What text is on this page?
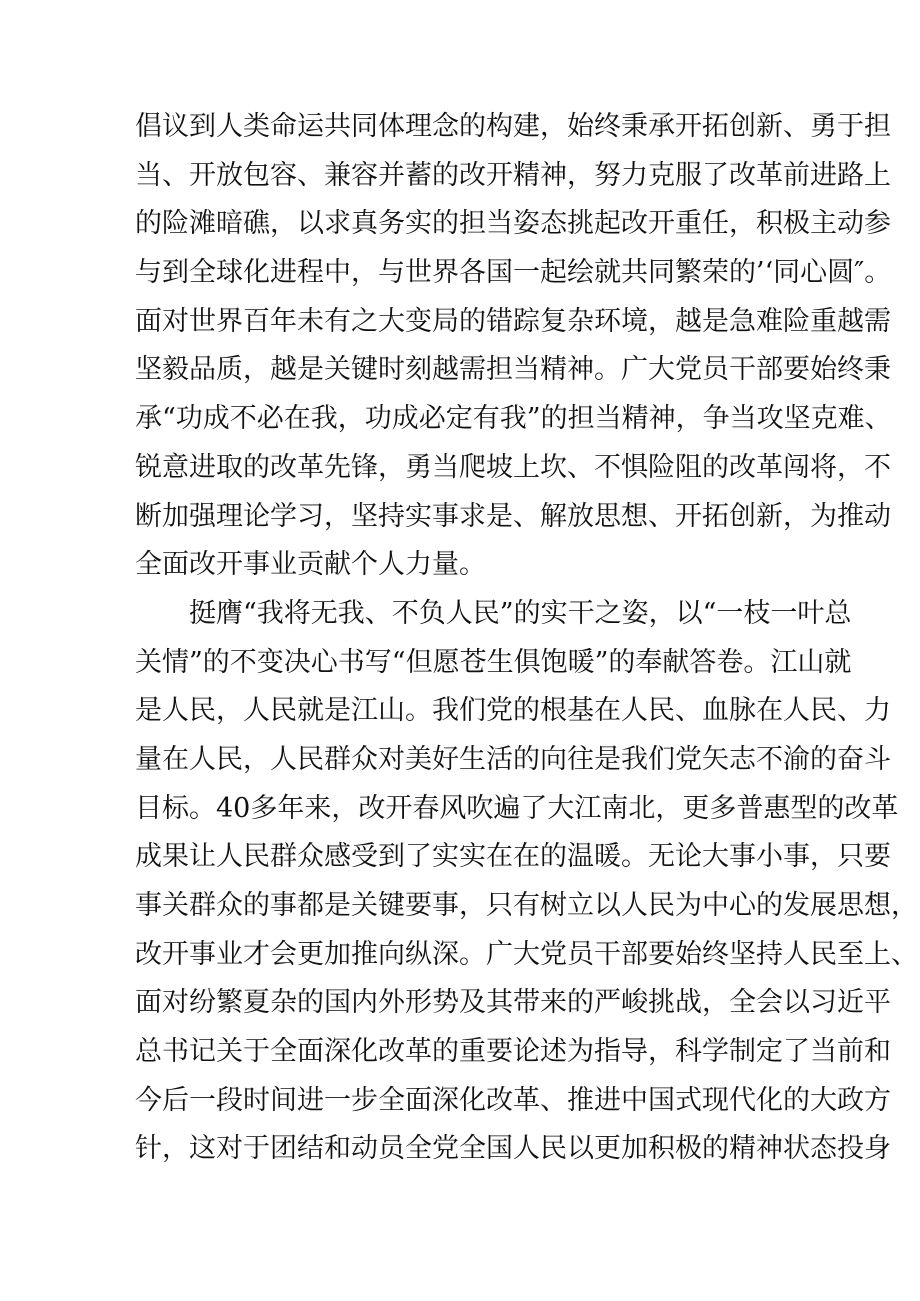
倡议到人类命运共同体理念的构建，始终秉承开拓创新、勇于担
当、开放包容、兼容并蓄的改开精神，努力克服了改革前进路上
的险滩暗礁，以求真务实的担当姿态挑起改开重任，积极主动参
与到全球化进程中，与世界各国一起绘就共同繁荣的’‘同心圆″。
面对世界百年未有之大变局的错踪复杂环境，越是急难险重越需
坚毅品质，越是关键时刻越需担当精神。广大党员干部要始终秉
承“功成不必在我，功成必定有我”的担当精神，争当攻坚克难、
锐意进取的改革先锋，勇当爬坡上坎、不惧险阻的改革闯将，不
断加强理论学习，坚持实事求是、解放思想、开拓创新，为推动
全面改开事业贡献个人力量。
挺膺“我将无我、不负人民”的实干之姿，以“一枝一叶总
关情”的不变决心书写“但愿苍生俱饱暖”的奉献答卷。江山就
是人民，人民就是江山。我们党的根基在人民、血脉在人民、力
量在人民，人民群众对美好生活的向往是我们党矢志不渝的奋斗
目标。40多年来，改开春风吹遍了大江南北，更多普惠型的改革
成果让人民群众感受到了实实在在的温暖。无论大事小事，只要
事关群众的事都是关键要事，只有树立以人民为中心的发展思想，
改开事业才会更加推向纵深。广大党员干部要始终坚持人民至上、
面对纷繁夏杂的国内外形势及其带来的严峻挑战，全会以习近平
总书记关于全面深化改革的重要论述为指导，科学制定了当前和
今后一段时间进一步全面深化改革、推进中国式现代化的大政方
针，这对于团结和动员全党全国人民以更加积极的精神状态投身
